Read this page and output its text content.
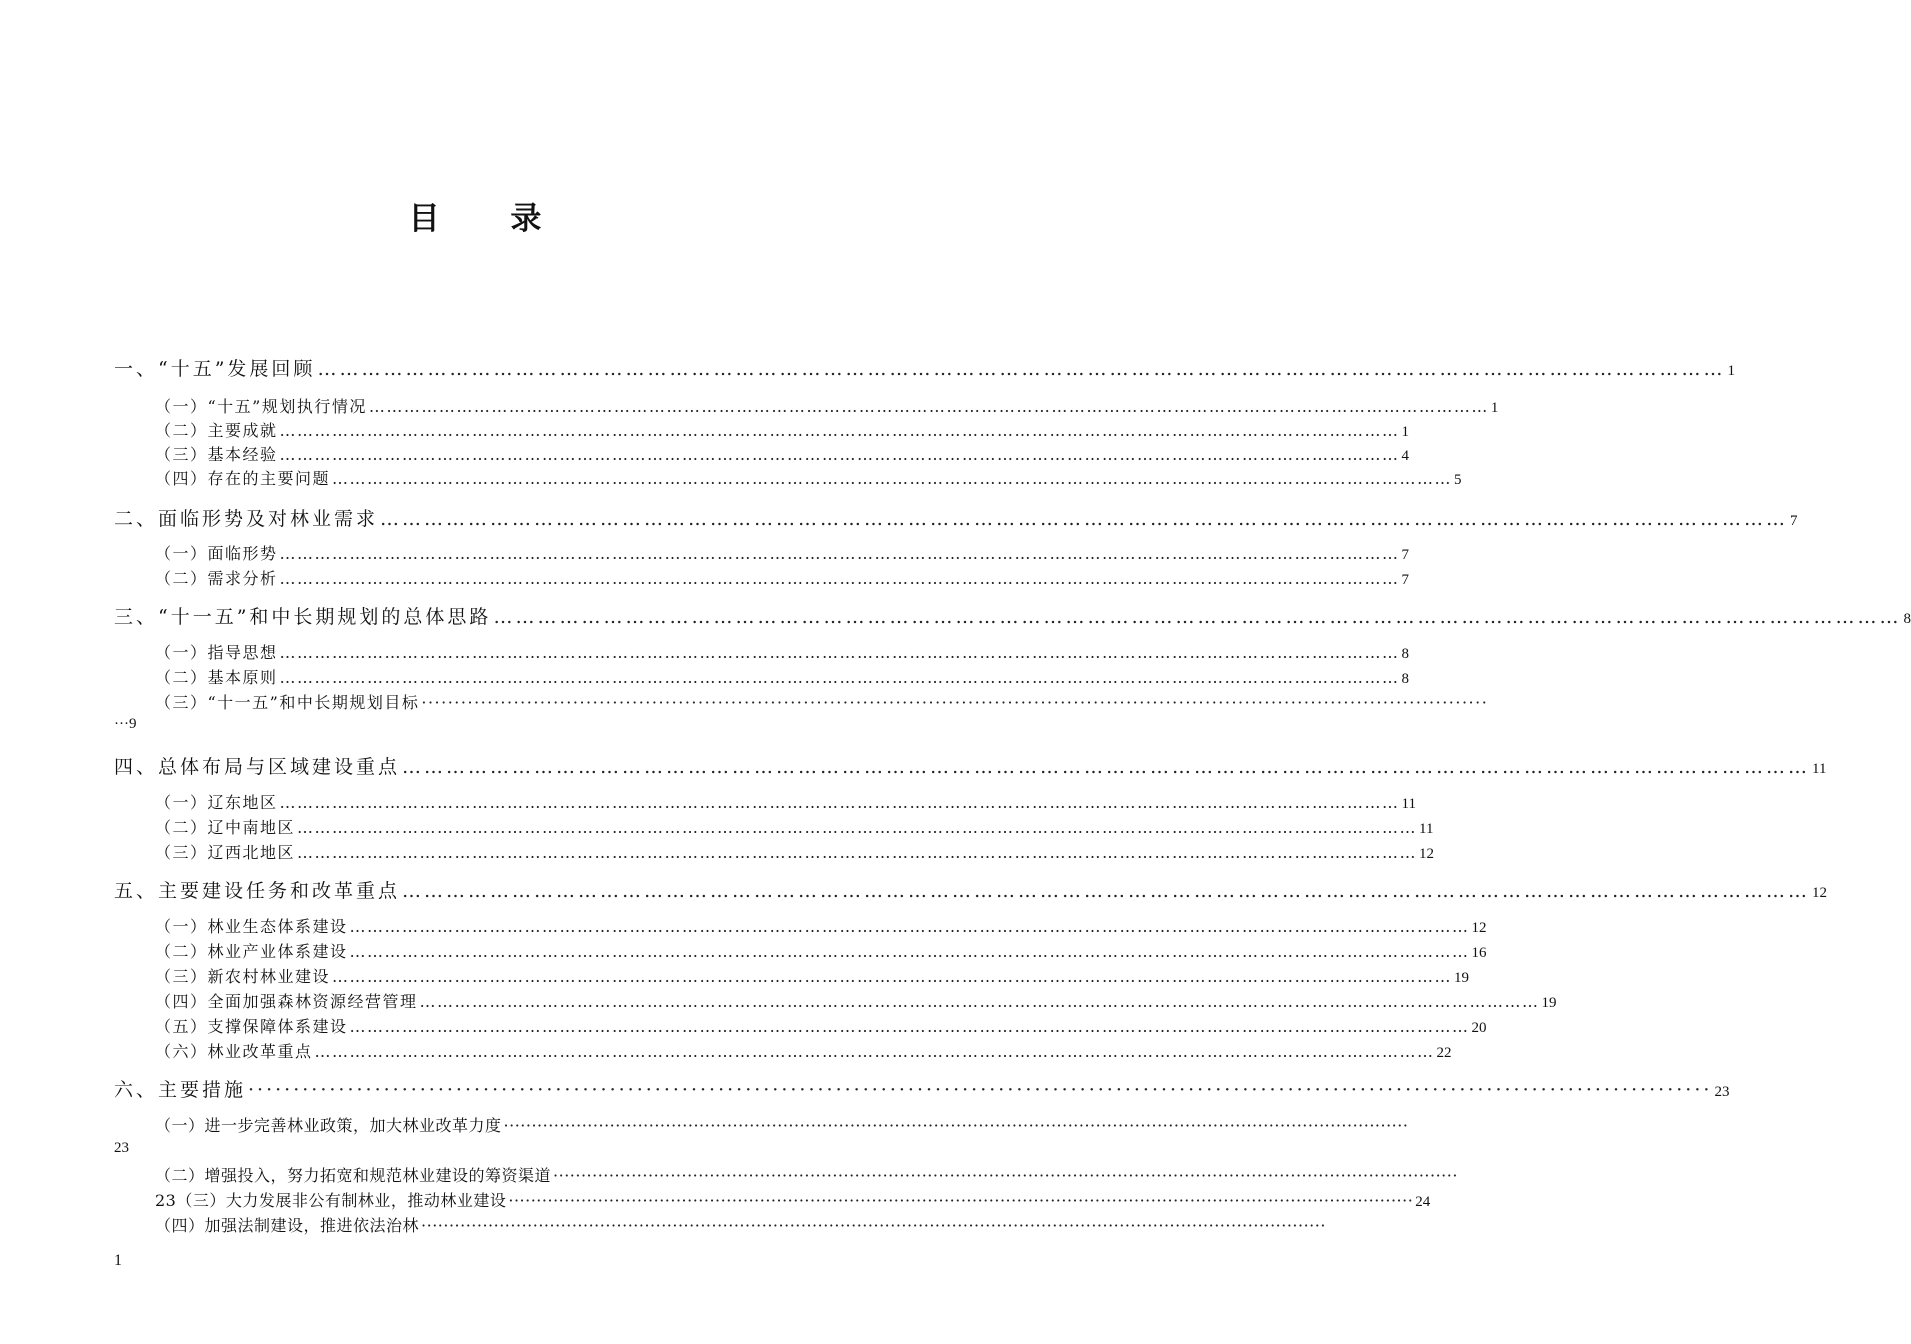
目 录
一、“十五”发展回顾 ………………………………………………………………………………………………………………………………………………………………………… 1
（一）“十五”规划执行情况 ………………………………………………………………………………………………………………………………………………………………………… 1
（二）主要成就 ………………………………………………………………………………………………………………………………………………………………………… 1
（三）基本经验 ………………………………………………………………………………………………………………………………………………………………………… 4
（四）存在的主要问题 ………………………………………………………………………………………………………………………………………………………………………… 5
二、面临形势及对林业需求 ………………………………………………………………………………………………………………………………………………………………………… 7
（一）面临形势 ………………………………………………………………………………………………………………………………………………………………………… 7
（二）需求分析 ………………………………………………………………………………………………………………………………………………………………………… 7
三、“十一五”和中长期规划的总体思路 ………………………………………………………………………………………………………………………………………………………………………… 8
（一）指导思想 ………………………………………………………………………………………………………………………………………………………………………… 8
（二）基本原则 ………………………………………………………………………………………………………………………………………………………………………… 8
（三）“十一五”和中长期规划目标 ··································································································································································
···9
四、总体布局与区域建设重点 ………………………………………………………………………………………………………………………………………………………………………… 11
（一）辽东地区 ………………………………………………………………………………………………………………………………………………………………………… 11
（二）辽中南地区 ………………………………………………………………………………………………………………………………………………………………………… 11
（三）辽西北地区 ………………………………………………………………………………………………………………………………………………………………………… 12
五、主要建设任务和改革重点 ………………………………………………………………………………………………………………………………………………………………………… 12
（一）林业生态体系建设 ………………………………………………………………………………………………………………………………………………………………………… 12
（二）林业产业体系建设 ………………………………………………………………………………………………………………………………………………………………………… 16
（三）新农村林业建设 ………………………………………………………………………………………………………………………………………………………………………… 19
（四）全面加强森林资源经营管理 ………………………………………………………………………………………………………………………………………………………………………… 19
（五）支撑保障体系建设 ………………………………………………………………………………………………………………………………………………………………………… 20
（六）林业改革重点 ………………………………………………………………………………………………………………………………………………………………………… 22
六、主要措施 ·································································································································································· 23
（一）进一步完善林业政策，加大林业改革力度 ··································································································································································
23
（二）增强投入，努力拓宽和规范林业建设的筹资渠道 ··································································································································································
23（三）大力发展非公有制林业，推动林业建设 ·································································································································································· 24
（四）加强法制建设，推进依法治林 ··································································································································································
1
